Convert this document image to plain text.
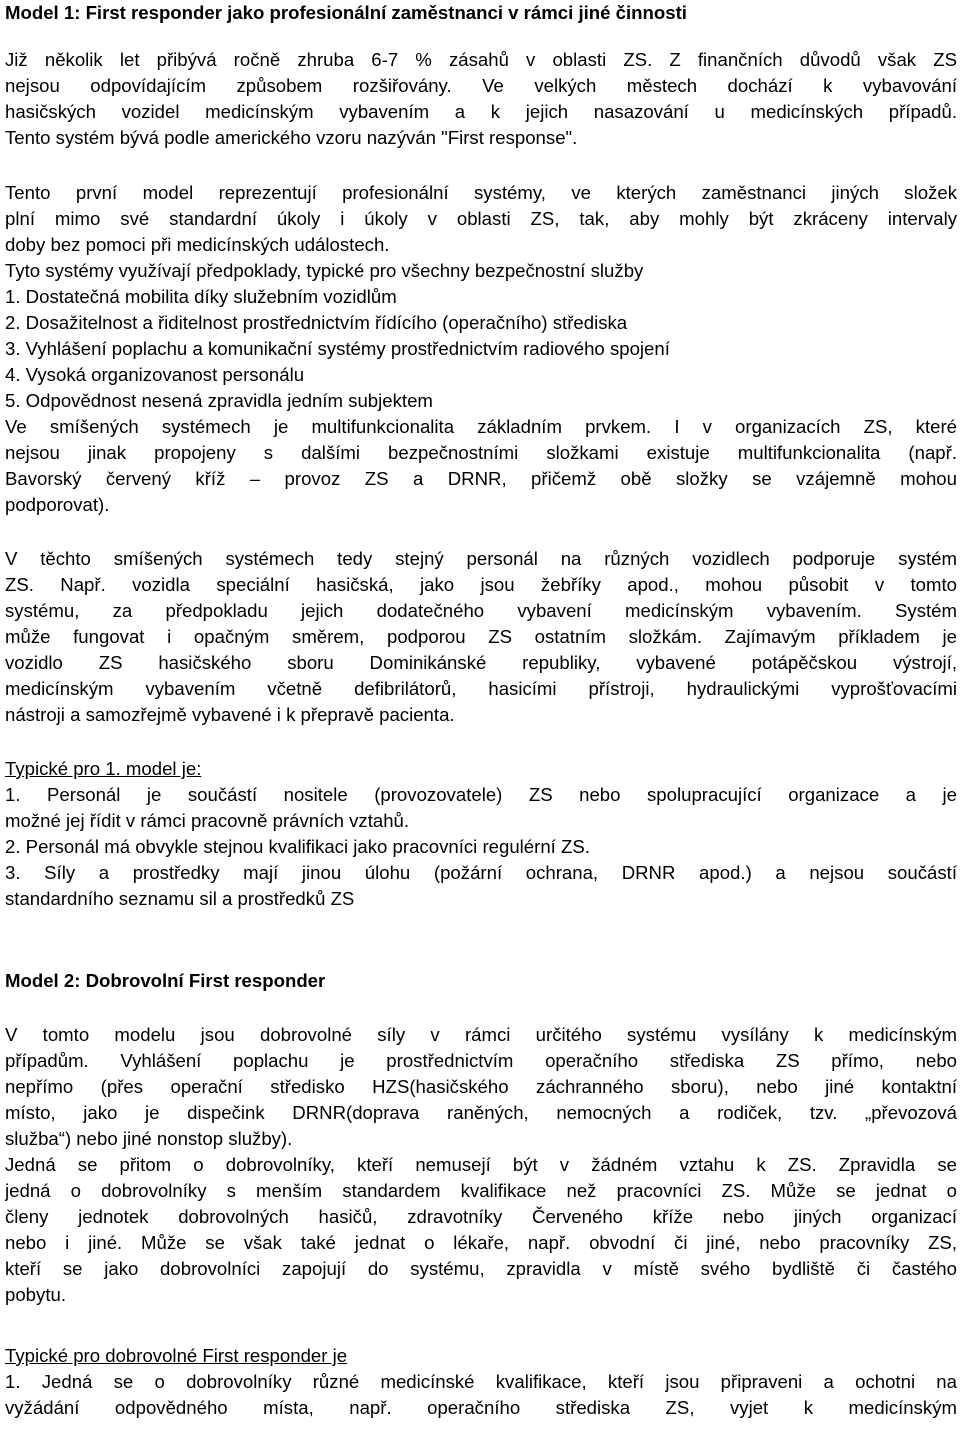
Model 1: First responder jako profesionální zaměstnanci v rámci jiné činnosti
Již několik let přibývá ročně zhruba 6-7 % zásahů v oblasti ZS. Z finančních důvodů však ZS
nejsou odpovídajícím způsobem rozšiřovány. Ve velkých městech dochází k vybavování
hasičských vozidel medicínským vybavením a k jejich nasazování u medicínských případů.
Tento systém bývá podle amerického vzoru nazýván "First response".
Tento první model reprezentují profesionální systémy, ve kterých zaměstnanci jiných složek
plní mimo své standardní úkoly i úkoly v oblasti ZS, tak, aby mohly být zkráceny intervaly
doby bez pomoci při medicínských událostech.
Tyto systémy využívají předpoklady, typické pro všechny bezpečnostní služby
1. Dostatečná mobilita díky služebním vozidlům
2. Dosažitelnost a řiditelnost prostřednictvím řídícího (operačního) střediska
3. Vyhlášení poplachu a komunikační systémy prostřednictvím radiového spojení
4. Vysoká organizovanost personálu
5. Odpovědnost nesená zpravidla jedním subjektem
Ve smíšených systémech je multifunkcionalita základním prvkem. I v organizacích ZS, které
nejsou jinak propojeny s dalšími bezpečnostními složkami existuje multifunkcionalita (např.
Bavorský červený kříž – provoz ZS a DRNR, přičemž obě složky se vzájemně mohou
podporovat).
V těchto smíšených systémech tedy stejný personál na různých vozidlech podporuje systém
ZS. Např. vozidla speciální hasičská, jako jsou žebříky apod., mohou působit v tomto
systému, za předpokladu jejich dodatečného vybavení medicínským vybavením. Systém
může fungovat i opačným směrem, podporou ZS ostatním složkám. Zajímavým příkladem je
vozidlo ZS hasičského sboru Dominikánské republiky, vybavené potápěčskou výstrojí,
medicínským vybavením včetně defibrilátorů, hasicími přístroji, hydraulickými vyprošťovacími
nástroji a samozřejmě vybavené i k přepravě pacienta.
Typické pro 1. model je:
1. Personál je součástí nositele (provozovatele) ZS nebo spolupracující organizace a je
možné jej řídit v rámci pracovně právních vztahů.
2. Personál má obvykle stejnou kvalifikaci jako pracovníci regulérní ZS.
3. Síly a prostředky mají jinou úlohu (požární ochrana, DRNR apod.) a nejsou součástí
standardního seznamu sil a prostředků ZS
Model 2: Dobrovolní First responder
V tomto modelu jsou dobrovolné síly v rámci určitého systému vysílány k medicínským
případům. Vyhlášení poplachu je prostřednictvím operačního střediska ZS přímo, nebo
nepřímo (přes operační středisko HZS(hasičského záchranného sboru), nebo jiné kontaktní
místo, jako je dispečink DRNR(doprava raněných, nemocných a rodiček, tzv. „převozová
služba“) nebo jiné nonstop služby).
Jedná se přitom o dobrovolníky, kteří nemusejí být v žádném vztahu k ZS. Zpravidla se
jedná o dobrovolníky s menším standardem kvalifikace než pracovníci ZS. Může se jednat o
členy jednotek dobrovolných hasičů, zdravotníky Červeného kříže nebo jiných organizací
nebo i jiné. Může se však také jednat o lékaře, např. obvodní či jiné, nebo pracovníky ZS,
kteří se jako dobrovolníci zapojují do systému, zpravidla v místě svého bydliště či častého
pobytu.
Typické pro dobrovolné First responder je
1. Jedná se o dobrovolníky různé medicínské kvalifikace, kteří jsou připraveni a ochotni na
vyžádání odpovědného místa, např. operačního střediska ZS, vyjet k medicínským
